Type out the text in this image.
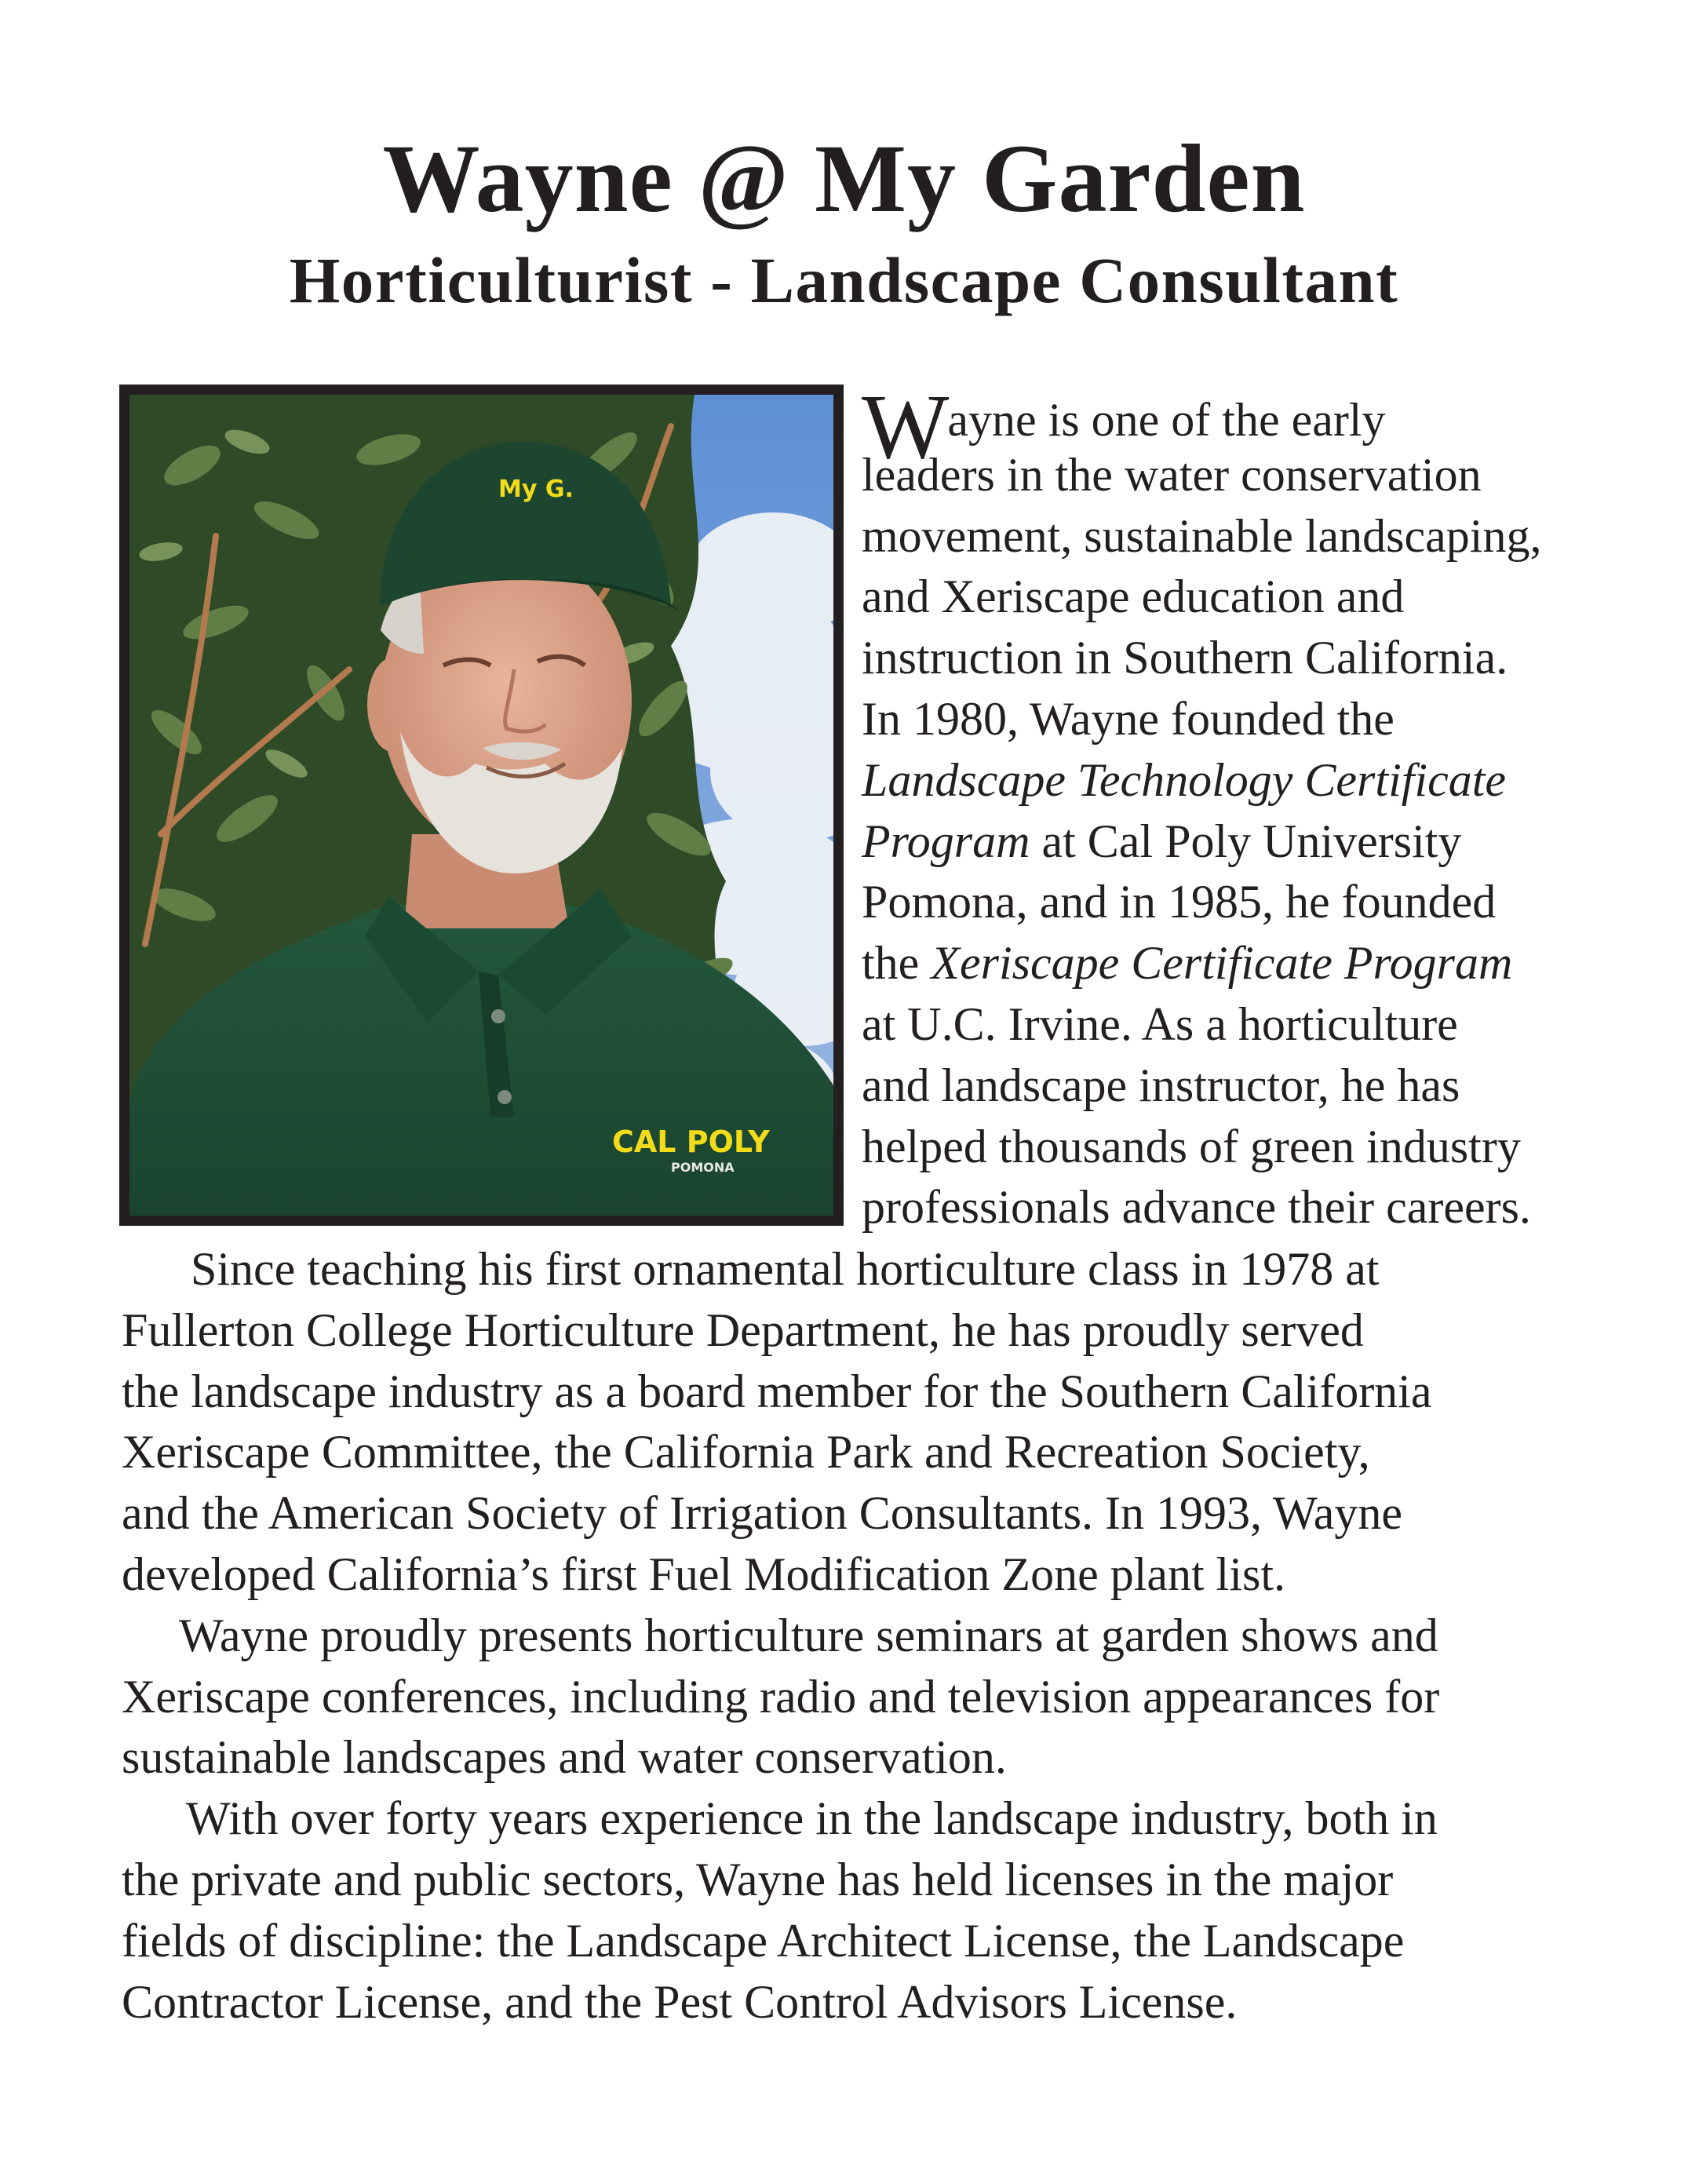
Wayne @ My Garden
Horticulturist - Landscape Consultant
My G.
CAL POLY
POMONA
Wayne is one of the early
leaders in the water conservation
movement, sustainable landscaping,
and Xeriscape education and
instruction in Southern California.
In 1980, Wayne founded the
Landscape Technology Certificate
Program at Cal Poly University
Pomona, and in 1985, he founded
the Xeriscape Certificate Program
at U.C. Irvine. As a horticulture
and landscape instructor, he has
helped thousands of green industry
professionals advance their careers.
Since teaching his first ornamental horticulture class in 1978 at
Fullerton College Horticulture Department, he has proudly served
the landscape industry as a board member for the Southern California
Xeriscape Committee, the California Park and Recreation Society,
and the American Society of Irrigation Consultants. In 1993, Wayne
developed California’s first Fuel Modification Zone plant list.
Wayne proudly presents horticulture seminars at garden shows and
Xeriscape conferences, including radio and television appearances for
sustainable landscapes and water conservation.
With over forty years experience in the landscape industry, both in
the private and public sectors, Wayne has held licenses in the major
fields of discipline: the Landscape Architect License, the Landscape
Contractor License, and the Pest Control Advisors License.
